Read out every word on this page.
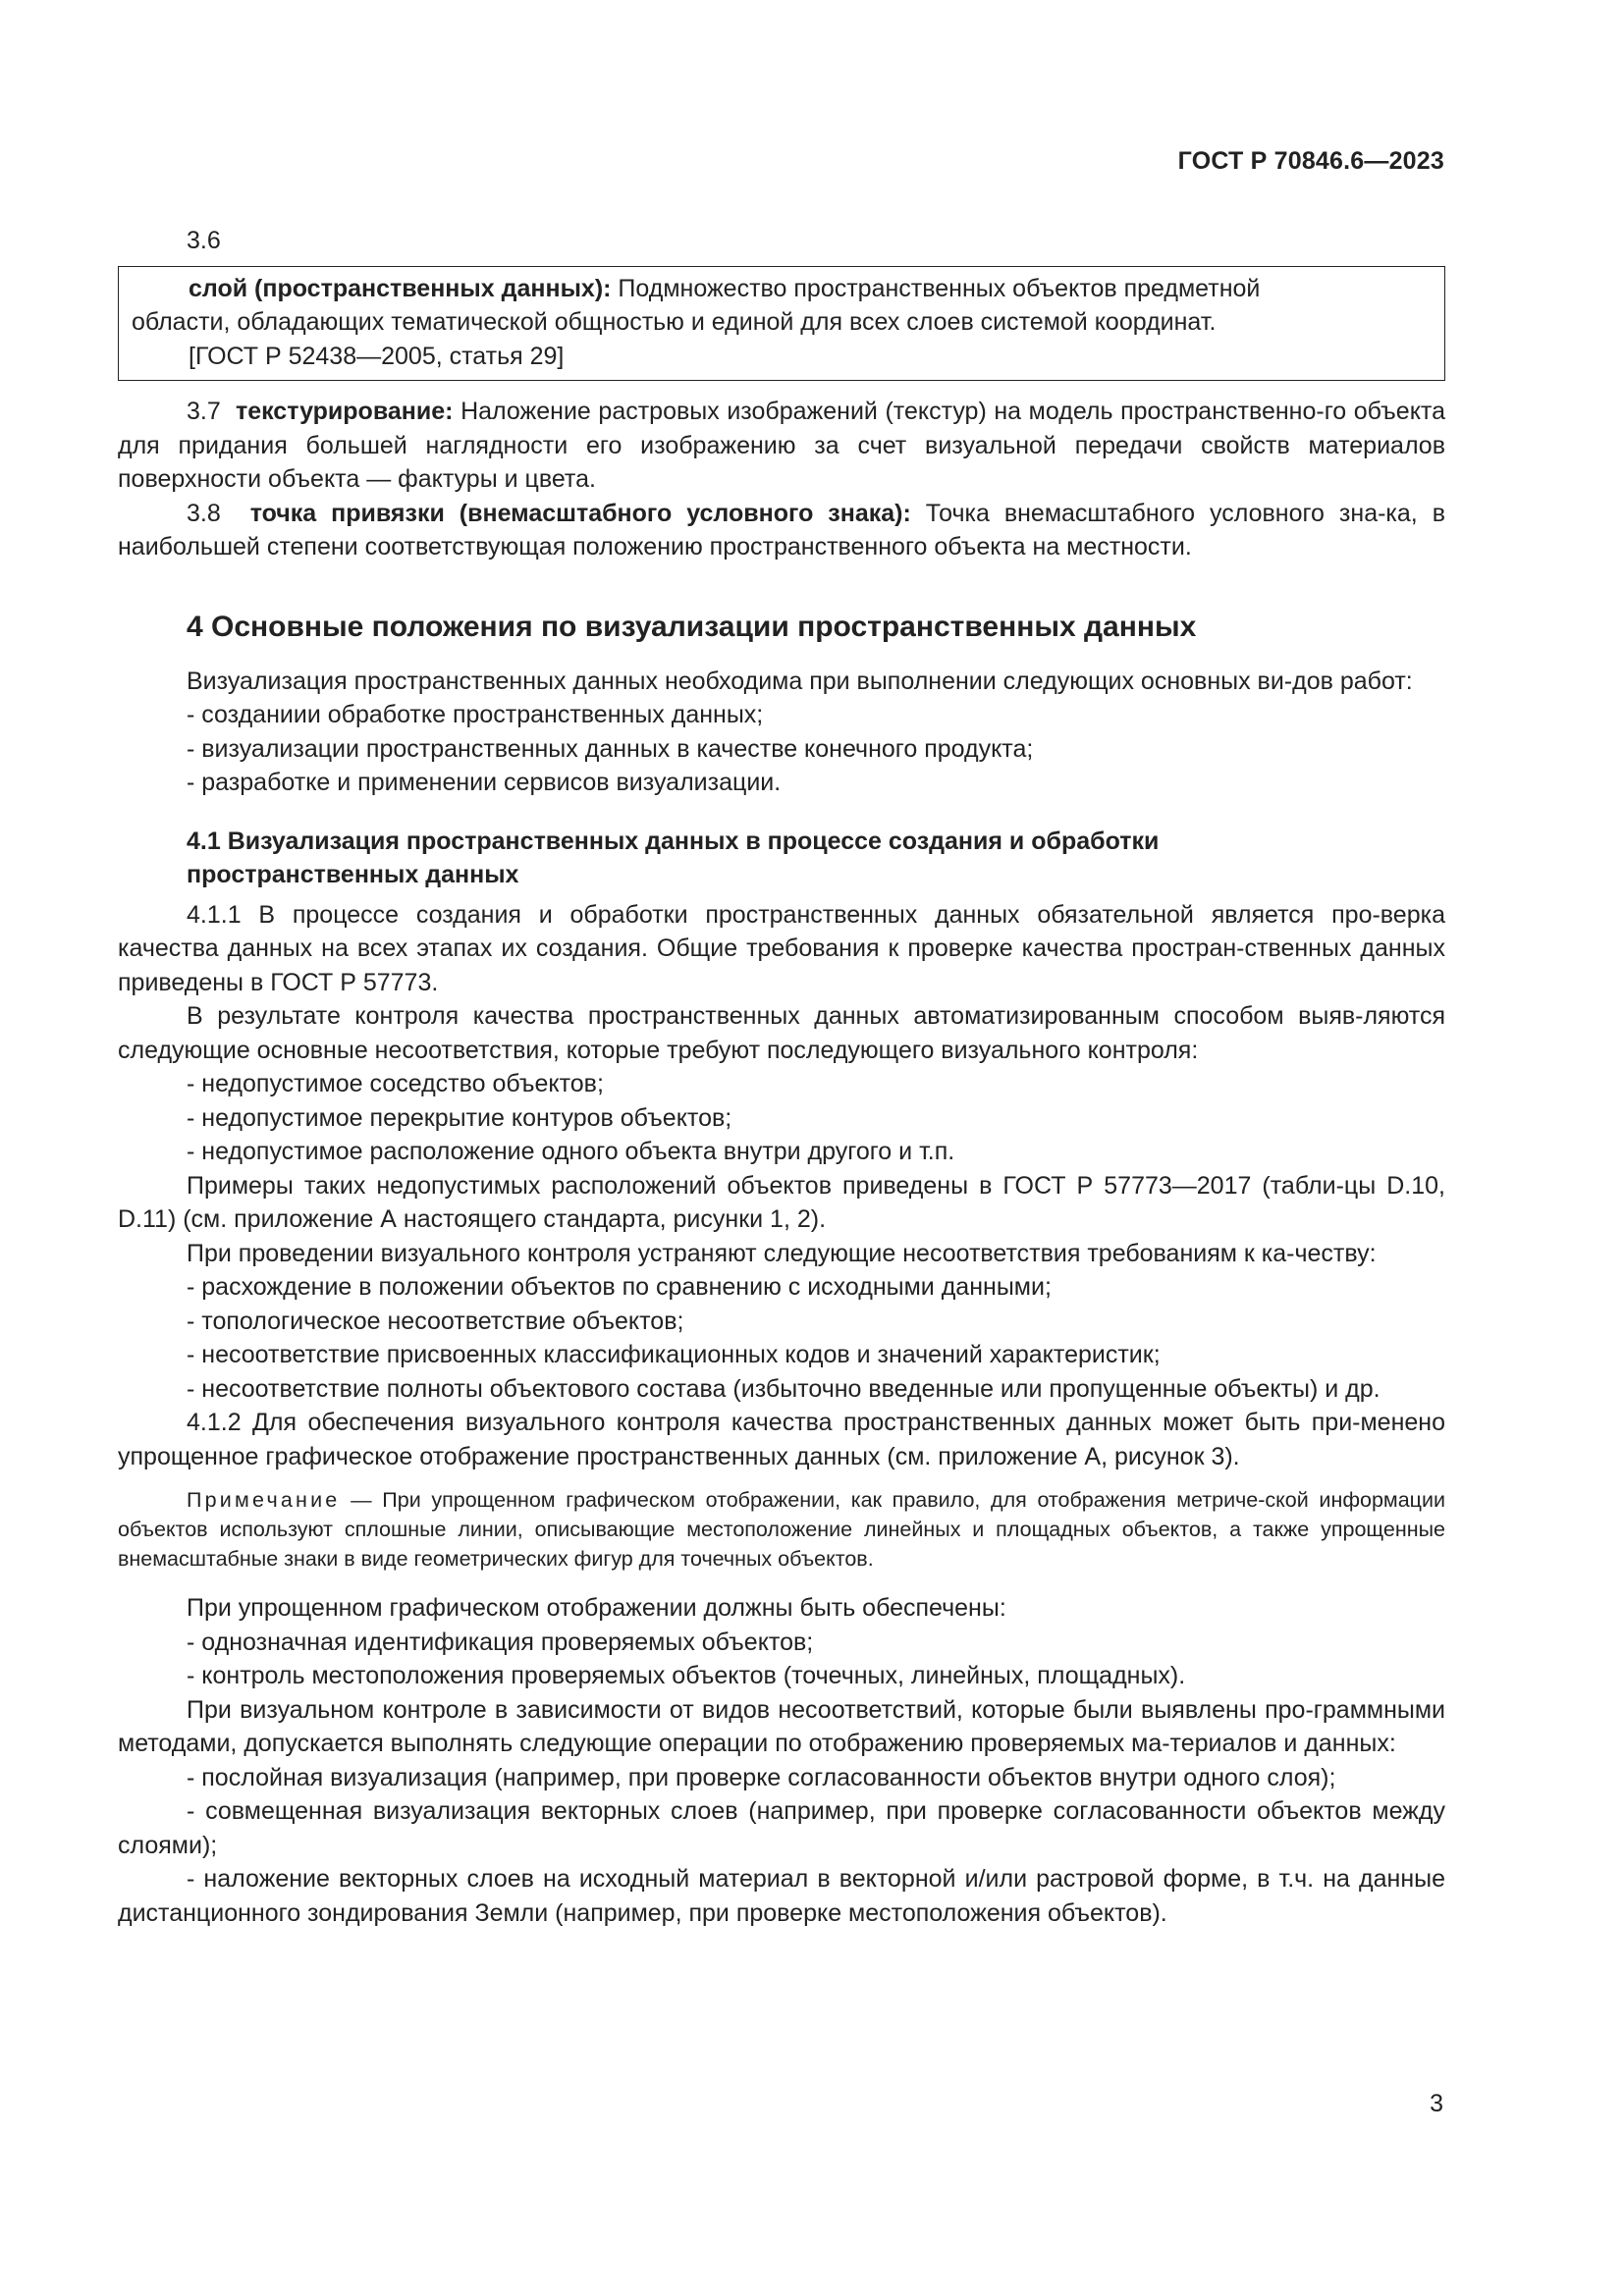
ГОСТ Р 70846.6—2023
3.6

слой (пространственных данных): Подмножество пространственных объектов предметной

области, обладающих тематической общностью и единой для всех слоев системой координат.

[ГОСТ Р 52438—2005, статья 29]

3.7 текстурирование: Наложение растровых изображений (текстур) на модель пространственно-го объекта для придания большей наглядности его изображению за счет визуальной передачи свойств материалов поверхности объекта — фактуры и цвета.

3.8 точка привязки (внемасштабного условного знака): Точка внемасштабного условного зна-ка, в наибольшей степени соответствующая положению пространственного объекта на местности.

4 Основные положения по визуализации пространственных данных

Визуализация пространственных данных необходима при выполнении следующих основных ви-дов работ:

- созданиии обработке пространственных данных;
- визуализации пространственных данных в качестве конечного продукта;
- разработке и применении сервисов визуализации.
4.1 Визуализация пространственных данных в процессе создания и обработки
пространственных данных

4.1.1 В процессе создания и обработки пространственных данных обязательной является про-верка качества данных на всех этапах их создания. Общие требования к проверке качества простран-ственных данных приведены в ГОСТ Р 57773.

В результате контроля качества пространственных данных автоматизированным способом выяв-ляются следующие основные несоответствия, которые требуют последующего визуального контроля:

- недопустимое соседство объектов;
- недопустимое перекрытие контуров объектов;
- недопустимое расположение одного объекта внутри другого и т.п.

Примеры таких недопустимых расположений объектов приведены в ГОСТ Р 57773—2017 (табли-цы D.10, D.11) (см. приложение А настоящего стандарта, рисунки 1, 2).

При проведении визуального контроля устраняют следующие несоответствия требованиям к ка-честву:

- расхождение в положении объектов по сравнению с исходными данными;
- топологическое несоответствие объектов;
- несоответствие присвоенных классификационных кодов и значений характеристик;

- несоответствие полноты объектового состава (избыточно введенные или пропущенные объекты) и др.

4.1.2 Для обеспечения визуального контроля качества пространственных данных может быть при-менено упрощенное графическое отображение пространственных данных (см. приложение А, рисунок 3).

Примечание — При упрощенном графическом отображении, как правило, для отображения метриче-ской информации объектов используют сплошные линии, описывающие местоположение линейных и площадных объектов, а также упрощенные внемасштабные знаки в виде геометрических фигур для точечных объектов.

При упрощенном графическом отображении должны быть обеспечены:

- однозначная идентификация проверяемых объектов;
- контроль местоположения проверяемых объектов (точечных, линейных, площадных).

При визуальном контроле в зависимости от видов несоответствий, которые были выявлены про-граммными методами, допускается выполнять следующие операции по отображению проверяемых ма-териалов и данных:

- послойная визуализация (например, при проверке согласованности объектов внутри одного слоя);

- совмещенная визуализация векторных слоев (например, при проверке согласованности объектов между слоями);

- наложение векторных слоев на исходный материал в векторной и/или растровой форме, в т.ч. на данные дистанционного зондирования Земли (например, при проверке местоположения объектов).

3
